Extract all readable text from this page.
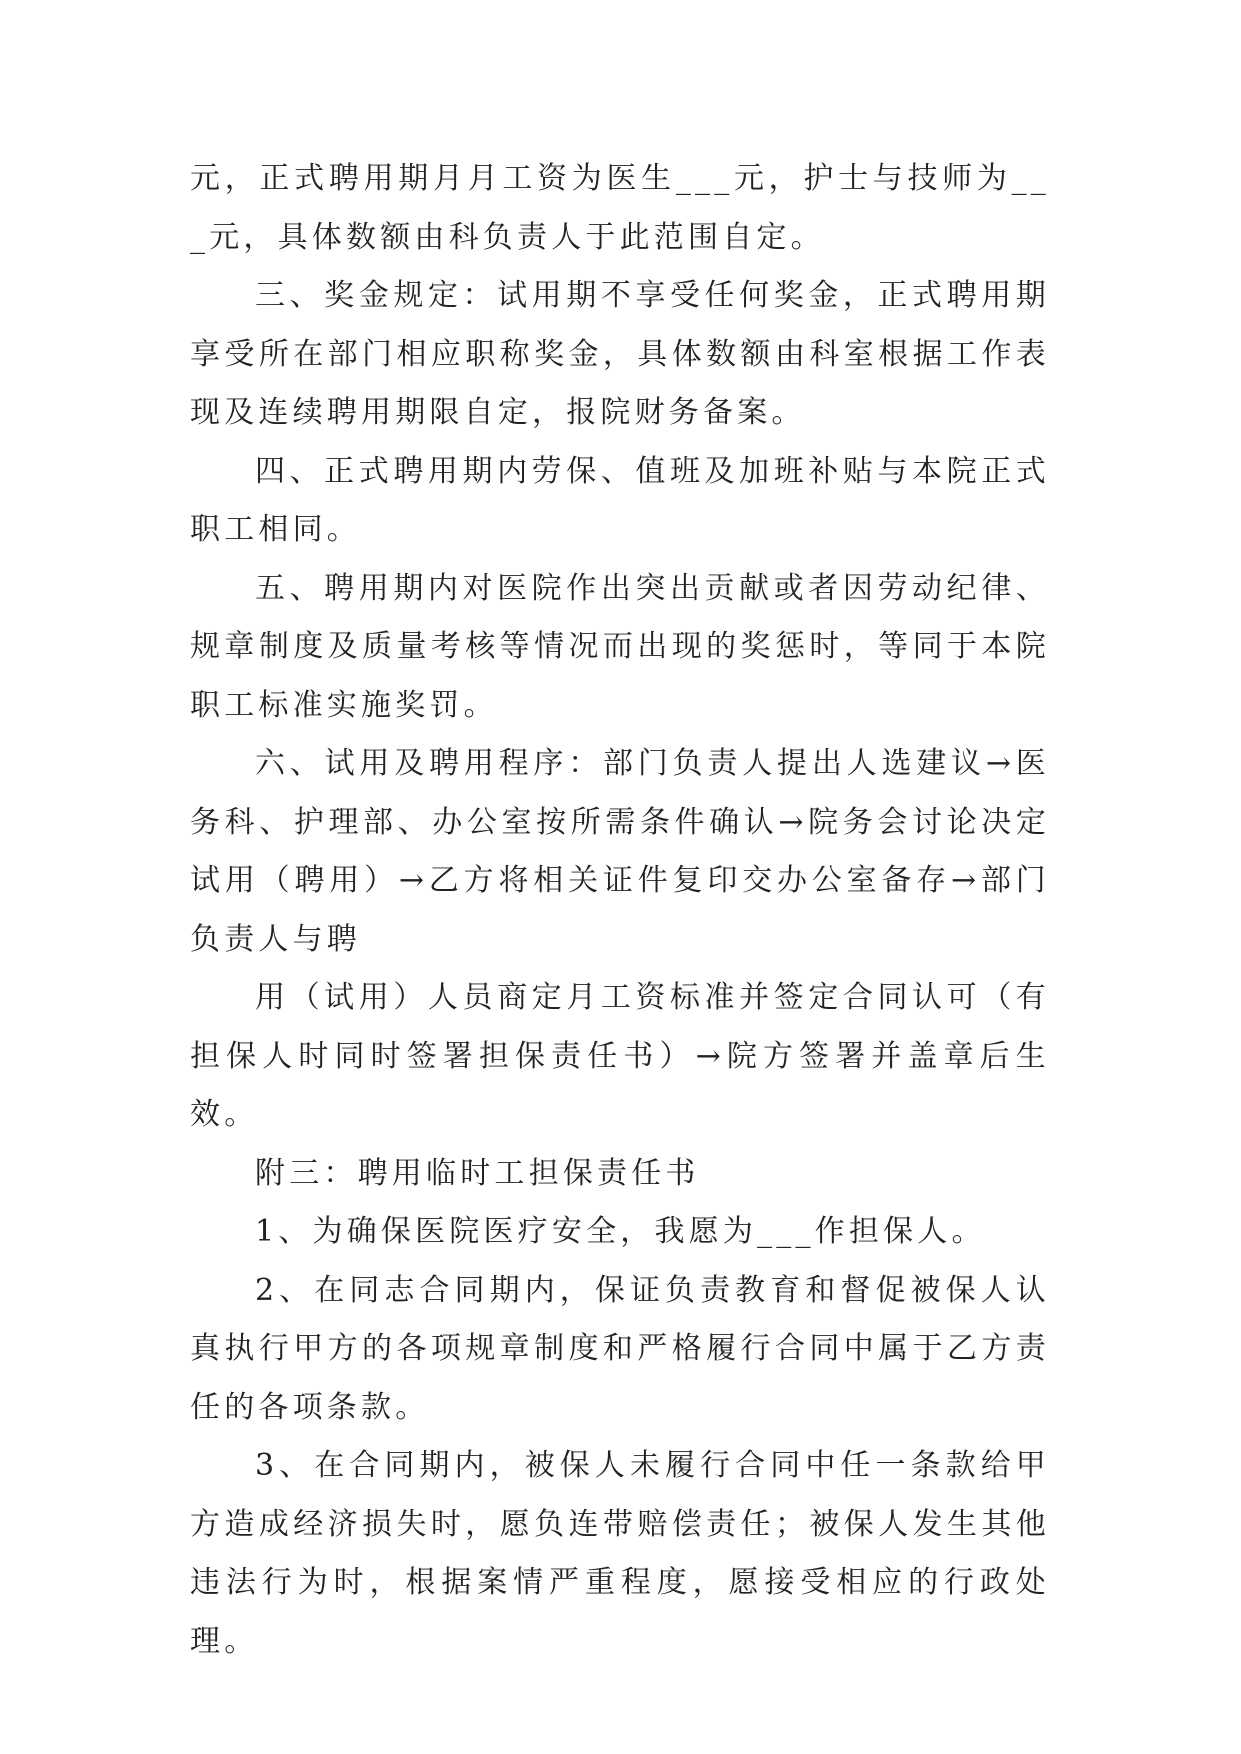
元，正式聘用期月月工资为医生___元，护士与技师为___元，具体数额由科负责人于此范围自定。

三、奖金规定：试用期不享受任何奖金，正式聘用期享受所在部门相应职称奖金，具体数额由科室根据工作表现及连续聘用期限自定，报院财务备案。

四、正式聘用期内劳保、值班及加班补贴与本院正式职工相同。

五、聘用期内对医院作出突出贡献或者因劳动纪律、规章制度及质量考核等情况而出现的奖惩时，等同于本院职工标准实施奖罚。

六、试用及聘用程序：部门负责人提出人选建议→医务科、护理部、办公室按所需条件确认→院务会讨论决定试用（聘用）→乙方将相关证件复印交办公室备存→部门负责人与聘

用（试用）人员商定月工资标准并签定合同认可（有担保人时同时签署担保责任书）→院方签署并盖章后生效。

附三：聘用临时工担保责任书

1、为确保医院医疗安全，我愿为___作担保人。

2、在同志合同期内，保证负责教育和督促被保人认真执行甲方的各项规章制度和严格履行合同中属于乙方责任的各项条款。

3、在合同期内，被保人未履行合同中任一条款给甲方造成经济损失时，愿负连带赔偿责任；被保人发生其他违法行为时，根据案情严重程度，愿接受相应的行政处理。
